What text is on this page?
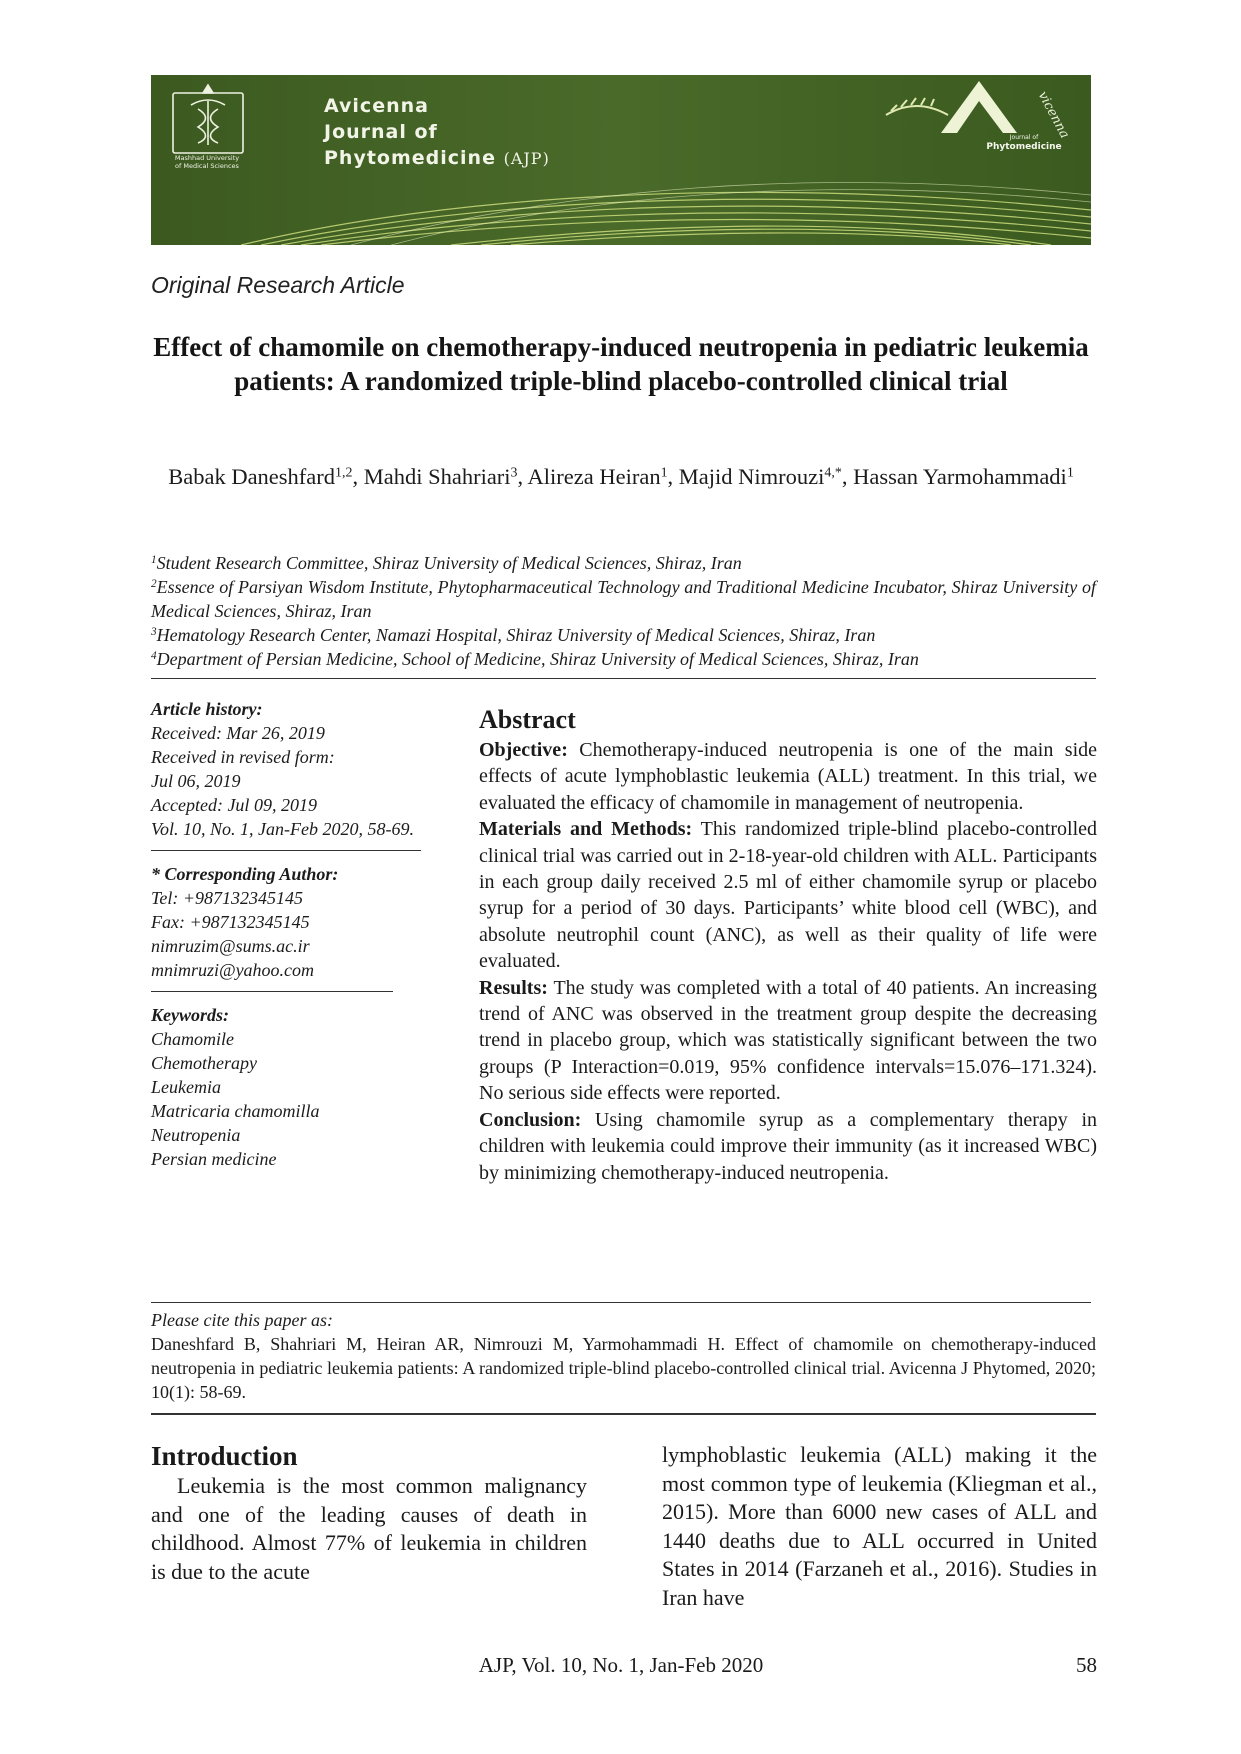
Avicenna
Journal of
Phytomedicine (AJP)
Mashhad University
of Medical Sciences
Journal of
Phytomedicine
vicenna
Original Research Article
Effect of chamomile on chemotherapy-induced neutropenia in pediatric leukemia patients: A randomized triple-blind placebo-controlled clinical trial
Babak Daneshfard$^{1,2}$, Mahdi Shahriari$^3$, Alireza Heiran$^1$, Majid Nimrouzi$^{4,*}$, Hassan Yarmohammadi$^1$
$^1$Student Research Committee, Shiraz University of Medical Sciences, Shiraz, Iran
$^2$Essence of Parsiyan Wisdom Institute, Phytopharmaceutical Technology and Traditional Medicine Incubator, Shiraz University of Medical Sciences, Shiraz, Iran
$^3$Hematology Research Center, Namazi Hospital, Shiraz University of Medical Sciences, Shiraz, Iran
$^4$Department of Persian Medicine, School of Medicine, Shiraz University of Medical Sciences, Shiraz, Iran

Article history:

Received: Mar 26, 2019

Received in revised form:

Jul 06, 2019

Accepted: Jul 09, 2019

Vol. 10, No. 1, Jan-Feb 2020, 58-69.

* Corresponding Author:

Tel: +987132345145

Fax: +987132345145

nimruzim@sums.ac.ir

mnimruzi@yahoo.com

Keywords:

Chamomile

Chemotherapy

Leukemia

Matricaria chamomilla

Neutropenia

Persian medicine

Abstract

Objective: Chemotherapy-induced neutropenia is one of the main side effects of acute lymphoblastic leukemia (ALL) treatment. In this trial, we evaluated the efficacy of chamomile in management of neutropenia.

Materials and Methods: This randomized triple-blind placebo-controlled clinical trial was carried out in 2-18-year-old children with ALL. Participants in each group daily received 2.5 ml of either chamomile syrup or placebo syrup for a period of 30 days. Participants’ white blood cell (WBC), and absolute neutrophil count (ANC), as well as their quality of life were evaluated.

Results: The study was completed with a total of 40 patients. An increasing trend of ANC was observed in the treatment group despite the decreasing trend in placebo group, which was statistically significant between the two groups (P Interaction=0.019, 95% confidence intervals=15.076–171.324). No serious side effects were reported.

Conclusion: Using chamomile syrup as a complementary therapy in children with leukemia could improve their immunity (as it increased WBC) by minimizing chemotherapy-induced neutropenia.

Please cite this paper as:
Daneshfard B, Shahriari M, Heiran AR, Nimrouzi M, Yarmohammadi H. Effect of chamomile on chemotherapy-induced neutropenia in pediatric leukemia patients: A randomized triple-blind placebo-controlled clinical trial. Avicenna J Phytomed, 2020; 10(1): 58-69.
Introduction
Leukemia is the most common malignancy and one of the leading causes of death in childhood. Almost 77% of leukemia in children is due to the acute
lymphoblastic leukemia (ALL) making it the most common type of leukemia (Kliegman et al., 2015). More than 6000 new cases of ALL and 1440 deaths due to ALL occurred in United States in 2014 (Farzaneh et al., 2016). Studies in Iran have
AJP, Vol. 10, No. 1, Jan-Feb 2020	58
